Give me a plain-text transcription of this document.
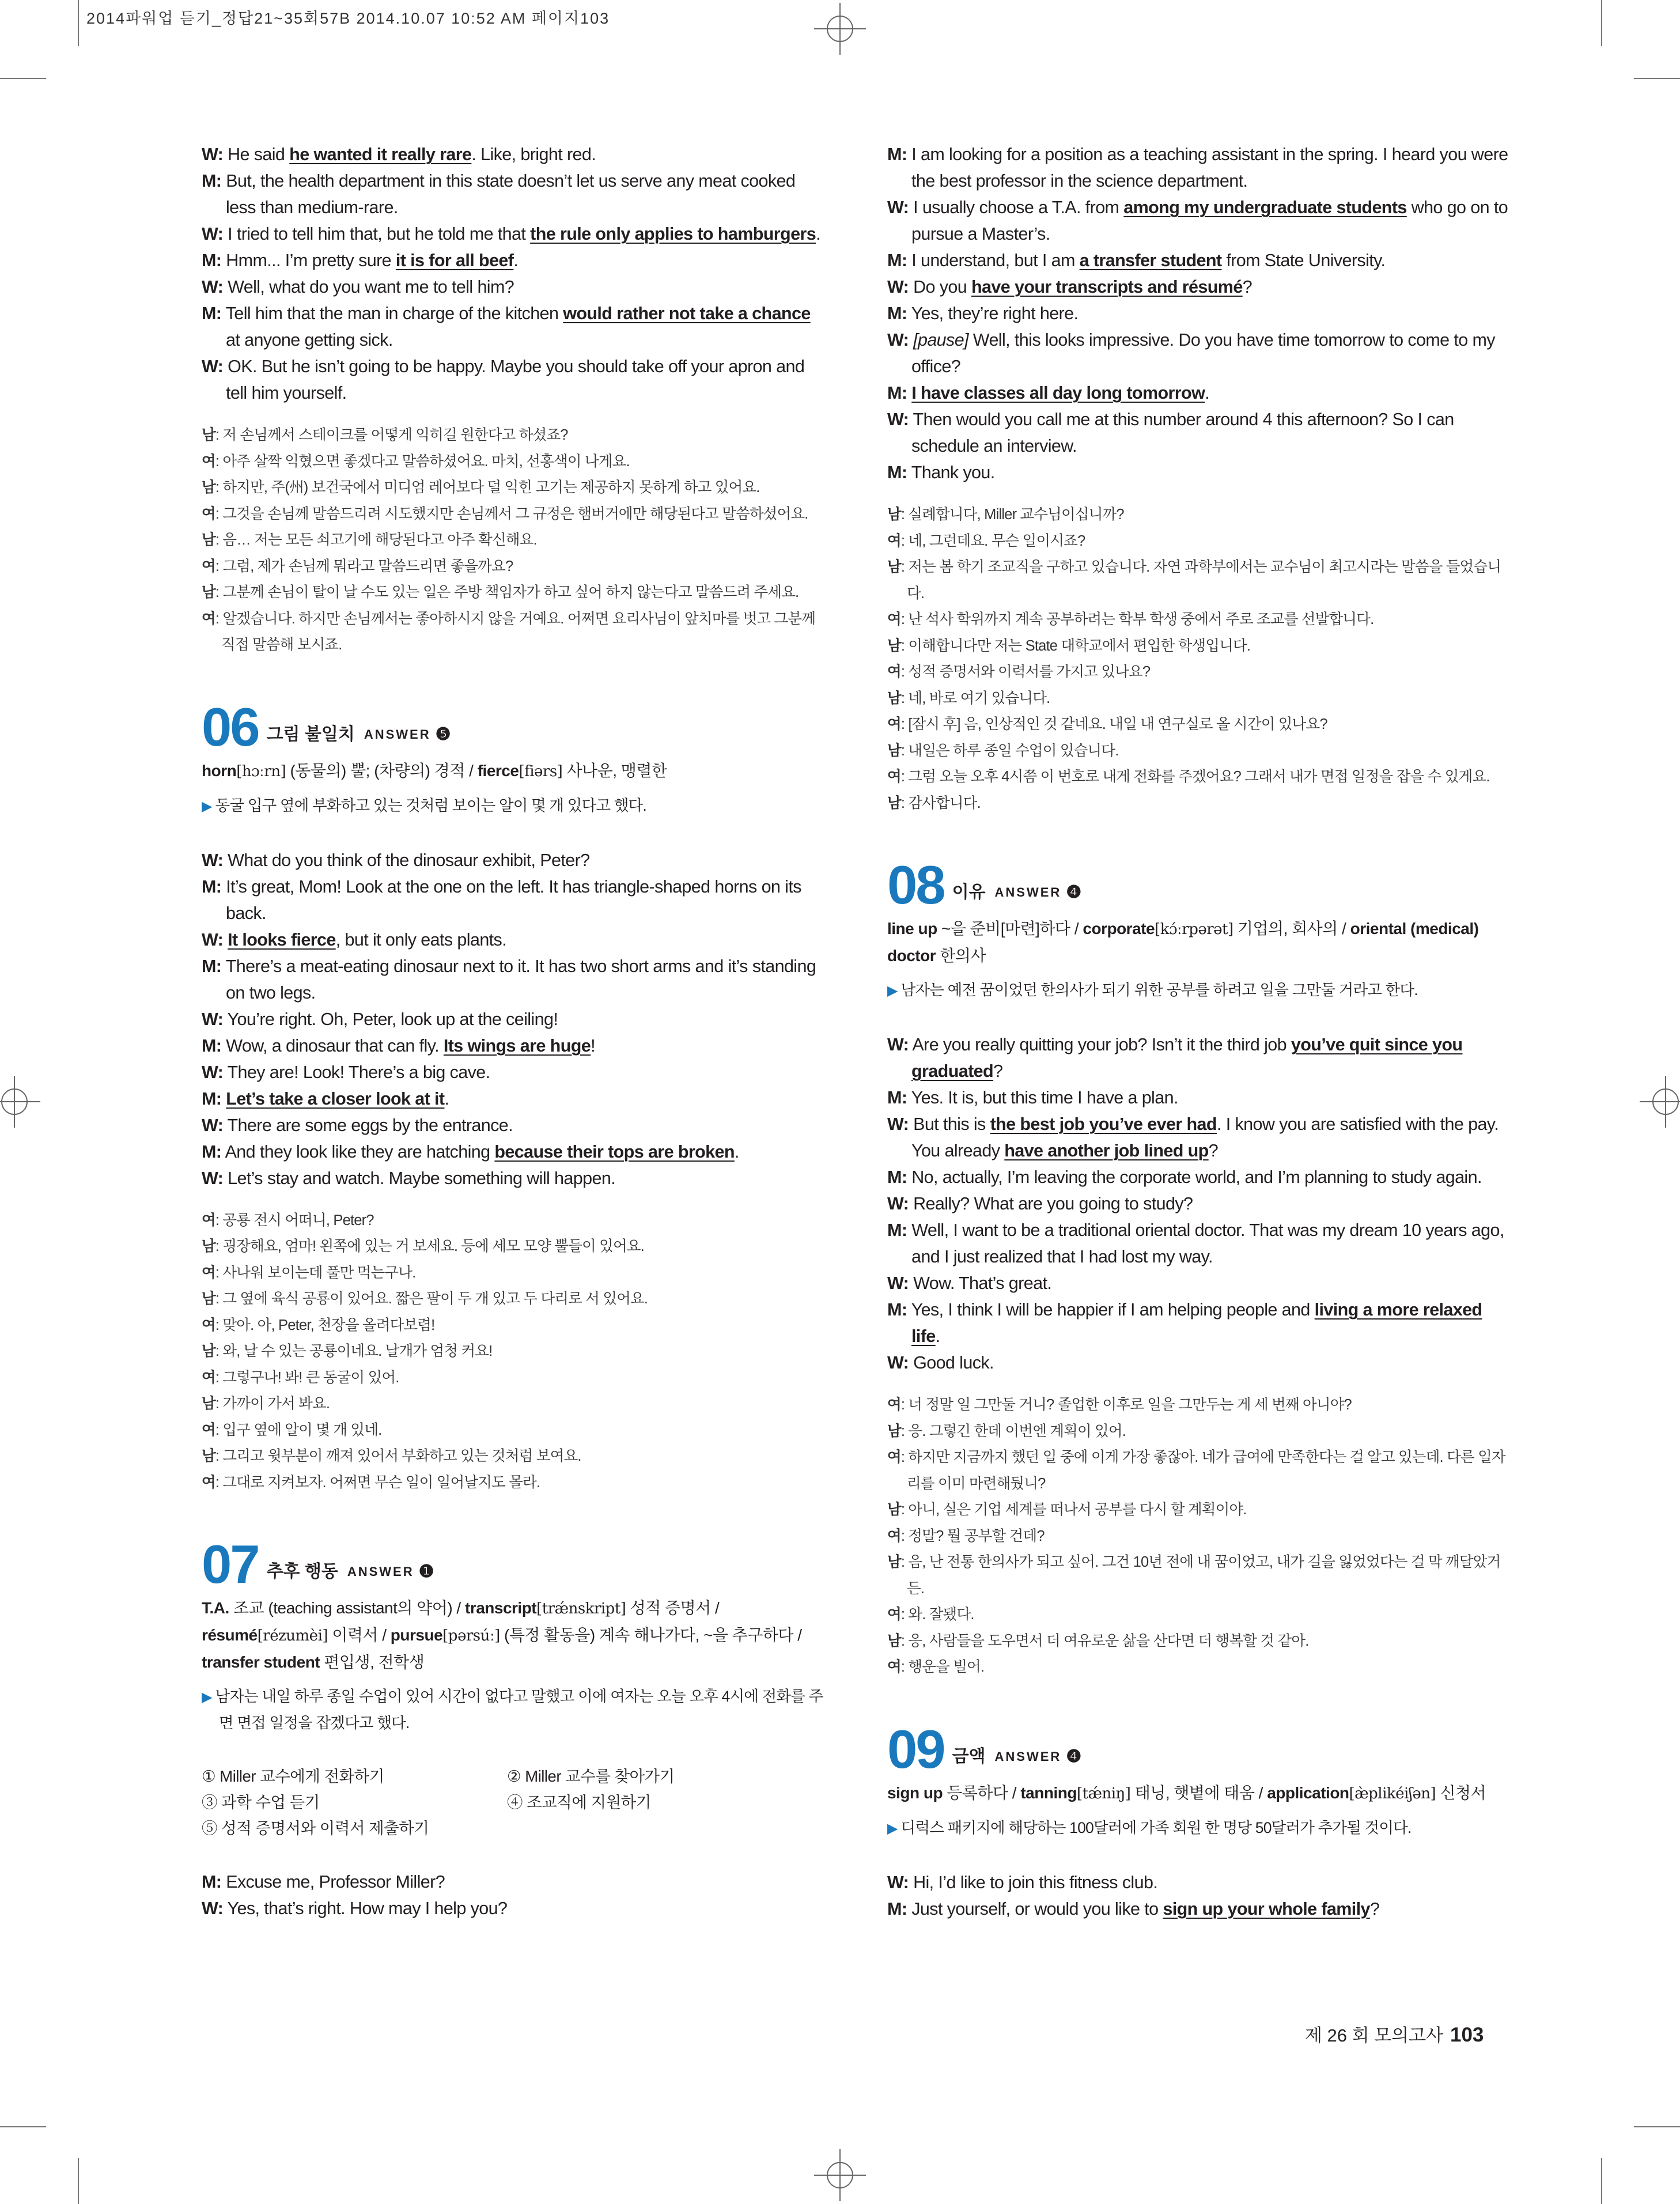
2014파워업 듣기_정답21~35회57B 2014.10.07 10:52 AM 페이지103
W: He said he wanted it really rare. Like, bright red.
M: But, the health department in this state doesn’t let us serve any meat cooked less than medium-rare.
W: I tried to tell him that, but he told me that the rule only applies to hamburgers.
M: Hmm... I’m pretty sure it is for all beef.
W: Well, what do you want me to tell him?
M: Tell him that the man in charge of the kitchen would rather not take a chance at anyone getting sick.
W: OK. But he isn’t going to be happy. Maybe you should take off your apron and tell him yourself.
남: 저 손님께서 스테이크를 어떻게 익히길 원한다고 하셨죠?
여: 아주 살짝 익혔으면 좋겠다고 말씀하셨어요. 마치, 선홍색이 나게요.
남: 하지만, 주(州) 보건국에서 미디엄 레어보다 덜 익힌 고기는 제공하지 못하게 하고 있어요.
여: 그것을 손님께 말씀드리려 시도했지만 손님께서 그 규정은 햄버거에만 해당된다고 말씀하셨어요.
남: 음… 저는 모든 쇠고기에 해당된다고 아주 확신해요.
여: 그럼, 제가 손님께 뭐라고 말씀드리면 좋을까요?
남: 그분께 손님이 탈이 날 수도 있는 일은 주방 책임자가 하고 싶어 하지 않는다고 말씀드려 주세요.
여: 알겠습니다. 하지만 손님께서는 좋아하시지 않을 거예요. 어쩌면 요리사님이 앞치마를 벗고 그분께 직접 말씀해 보시죠.
06 그림 불일치 ANSWER ❺
horn[hɔːrn] (동물의) 뿔; (차량의) 경적 / fierce[fiərs] 사나운, 맹렬한
▶ 동굴 입구 옆에 부화하고 있는 것처럼 보이는 알이 몇 개 있다고 했다.
W: What do you think of the dinosaur exhibit, Peter?
M: It’s great, Mom! Look at the one on the left. It has triangle-shaped horns on its back.
W: It looks fierce, but it only eats plants.
M: There’s a meat-eating dinosaur next to it. It has two short arms and it’s standing on two legs.
W: You’re right. Oh, Peter, look up at the ceiling!
M: Wow, a dinosaur that can fly. Its wings are huge!
W: They are! Look! There’s a big cave.
M: Let’s take a closer look at it.
W: There are some eggs by the entrance.
M: And they look like they are hatching because their tops are broken.
W: Let’s stay and watch. Maybe something will happen.
여: 공룡 전시 어떠니, Peter?
남: 굉장해요, 엄마! 왼쪽에 있는 거 보세요. 등에 세모 모양 뿔들이 있어요.
여: 사나워 보이는데 풀만 먹는구나.
남: 그 옆에 육식 공룡이 있어요. 짧은 팔이 두 개 있고 두 다리로 서 있어요.
여: 맞아. 아, Peter, 천장을 올려다보렴!
남: 와, 날 수 있는 공룡이네요. 날개가 엄청 커요!
여: 그렇구나! 봐! 큰 동굴이 있어.
남: 가까이 가서 봐요.
여: 입구 옆에 알이 몇 개 있네.
남: 그리고 윗부분이 깨져 있어서 부화하고 있는 것처럼 보여요.
여: 그대로 지켜보자. 어쩌면 무슨 일이 일어날지도 몰라.
07 추후 행동 ANSWER ❶
T.A. 조교 (teaching assistant의 약어) / transcript[trǽnskript] 성적 증명서 / résumé[rézumèi] 이력서 / pursue[pərsúː] (특정 활동을) 계속 해나가다, ~을 추구하다 / transfer student 편입생, 전학생
▶ 남자는 내일 하루 종일 수업이 있어 시간이 없다고 말했고 이에 여자는 오늘 오후 4시에 전화를 주면 면접 일정을 잡겠다고 했다.
① Miller 교수에게 전화하기	② Miller 교수를 찾아가기
③ 과학 수업 듣기	④ 조교직에 지원하기
⑤ 성적 증명서와 이력서 제출하기
M: Excuse me, Professor Miller?
W: Yes, that’s right. How may I help you?
M: I am looking for a position as a teaching assistant in the spring. I heard you were the best professor in the science department.
W: I usually choose a T.A. from among my undergraduate students who go on to pursue a Master’s.
M: I understand, but I am a transfer student from State University.
W: Do you have your transcripts and résumé?
M: Yes, they’re right here.
W: [pause] Well, this looks impressive. Do you have time tomorrow to come to my office?
M: I have classes all day long tomorrow.
W: Then would you call me at this number around 4 this afternoon? So I can schedule an interview.
M: Thank you.
남: 실례합니다, Miller 교수님이십니까?
여: 네, 그런데요. 무슨 일이시죠?
남: 저는 봄 학기 조교직을 구하고 있습니다. 자연 과학부에서는 교수님이 최고시라는 말씀을 들었습니다.
여: 난 석사 학위까지 계속 공부하려는 학부 학생 중에서 주로 조교를 선발합니다.
남: 이해합니다만 저는 State 대학교에서 편입한 학생입니다.
여: 성적 증명서와 이력서를 가지고 있나요?
남: 네, 바로 여기 있습니다.
여: [잠시 후] 음, 인상적인 것 같네요. 내일 내 연구실로 올 시간이 있나요?
남: 내일은 하루 종일 수업이 있습니다.
여: 그럼 오늘 오후 4시쯤 이 번호로 내게 전화를 주겠어요? 그래서 내가 면접 일정을 잡을 수 있게요.
남: 감사합니다.
08 이유 ANSWER ❹
line up ~을 준비[마련]하다 / corporate[kɔ́ːrpərət] 기업의, 회사의 / oriental (medical) doctor 한의사
▶ 남자는 예전 꿈이었던 한의사가 되기 위한 공부를 하려고 일을 그만둘 거라고 한다.
W: Are you really quitting your job? Isn’t it the third job you’ve quit since you graduated?
M: Yes. It is, but this time I have a plan.
W: But this is the best job you’ve ever had. I know you are satisfied with the pay. You already have another job lined up?
M: No, actually, I’m leaving the corporate world, and I’m planning to study again.
W: Really? What are you going to study?
M: Well, I want to be a traditional oriental doctor. That was my dream 10 years ago, and I just realized that I had lost my way.
W: Wow. That’s great.
M: Yes, I think I will be happier if I am helping people and living a more relaxed life.
W: Good luck.
여: 너 정말 일 그만둘 거니? 졸업한 이후로 일을 그만두는 게 세 번째 아니야?
남: 응. 그렇긴 한데 이번엔 계획이 있어.
여: 하지만 지금까지 했던 일 중에 이게 가장 좋잖아. 네가 급여에 만족한다는 걸 알고 있는데. 다른 일자리를 이미 마련해뒀니?
남: 아니, 실은 기업 세계를 떠나서 공부를 다시 할 계획이야.
여: 정말? 뭘 공부할 건데?
남: 음, 난 전통 한의사가 되고 싶어. 그건 10년 전에 내 꿈이었고, 내가 길을 잃었었다는 걸 막 깨달았거든.
여: 와. 잘됐다.
남: 응, 사람들을 도우면서 더 여유로운 삶을 산다면 더 행복할 것 같아.
여: 행운을 빌어.
09 금액 ANSWER ❹
sign up 등록하다 / tanning[tǽniŋ] 태닝, 햇볕에 태움 / application[æ̀plikéiʃən] 신청서
▶ 디럭스 패키지에 해당하는 100달러에 가족 회원 한 명당 50달러가 추가될 것이다.
W: Hi, I’d like to join this fitness club.
M: Just yourself, or would you like to sign up your whole family?
제 26 회 모의고사 103
